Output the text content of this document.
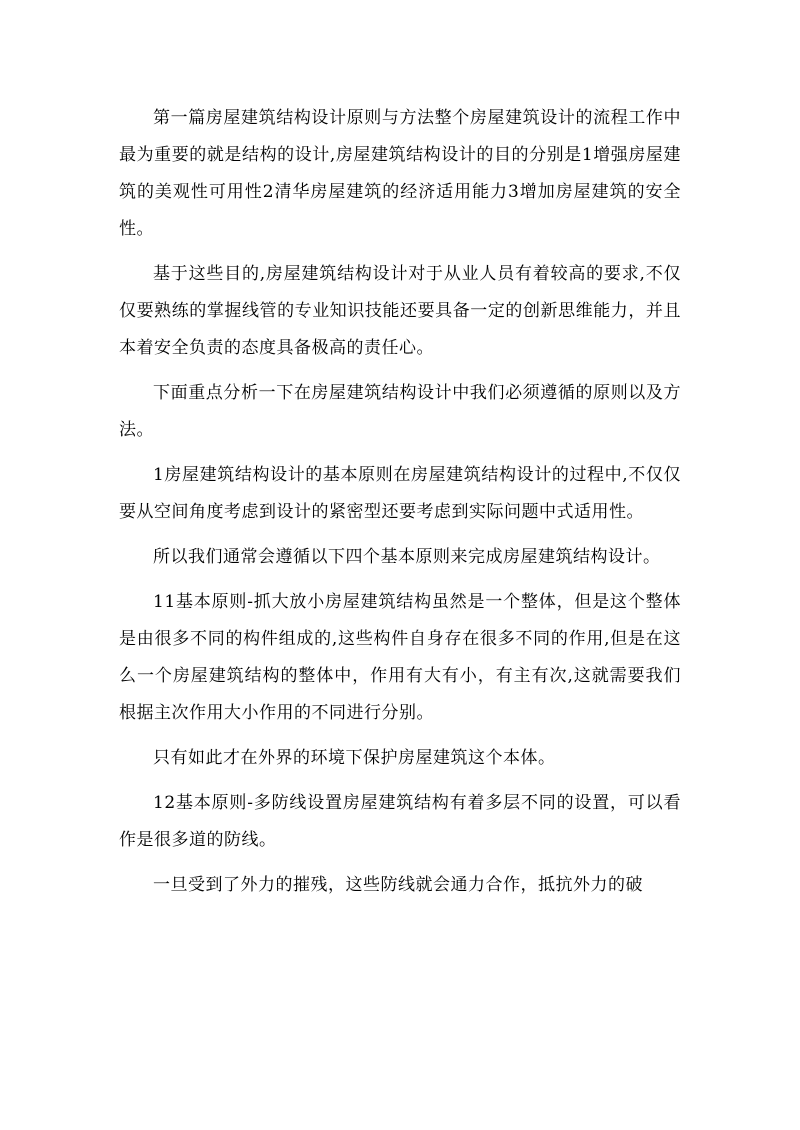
第一篇房屋建筑结构设计原则与方法整个房屋建筑设计的流程工作中最为重要的就是结构的设计,房屋建筑结构设计的目的分别是1增强房屋建筑的美观性可用性2清华房屋建筑的经济适用能力3增加房屋建筑的安全性。

基于这些目的,房屋建筑结构设计对于从业人员有着较高的要求,不仅仅要熟练的掌握线管的专业知识技能还要具备一定的创新思维能力，并且本着安全负责的态度具备极高的责任心。

下面重点分析一下在房屋建筑结构设计中我们必须遵循的原则以及方法。

1房屋建筑结构设计的基本原则在房屋建筑结构设计的过程中,不仅仅要从空间角度考虑到设计的紧密型还要考虑到实际问题中式适用性。

所以我们通常会遵循以下四个基本原则来完成房屋建筑结构设计。

11基本原则-抓大放小房屋建筑结构虽然是一个整体，但是这个整体是由很多不同的构件组成的,这些构件自身存在很多不同的作用,但是在这么一个房屋建筑结构的整体中，作用有大有小，有主有次,这就需要我们根据主次作用大小作用的不同进行分别。

只有如此才在外界的环境下保护房屋建筑这个本体。

12基本原则-多防线设置房屋建筑结构有着多层不同的设置，可以看作是很多道的防线。

一旦受到了外力的摧残，这些防线就会通力合作，抵抗外力的破
